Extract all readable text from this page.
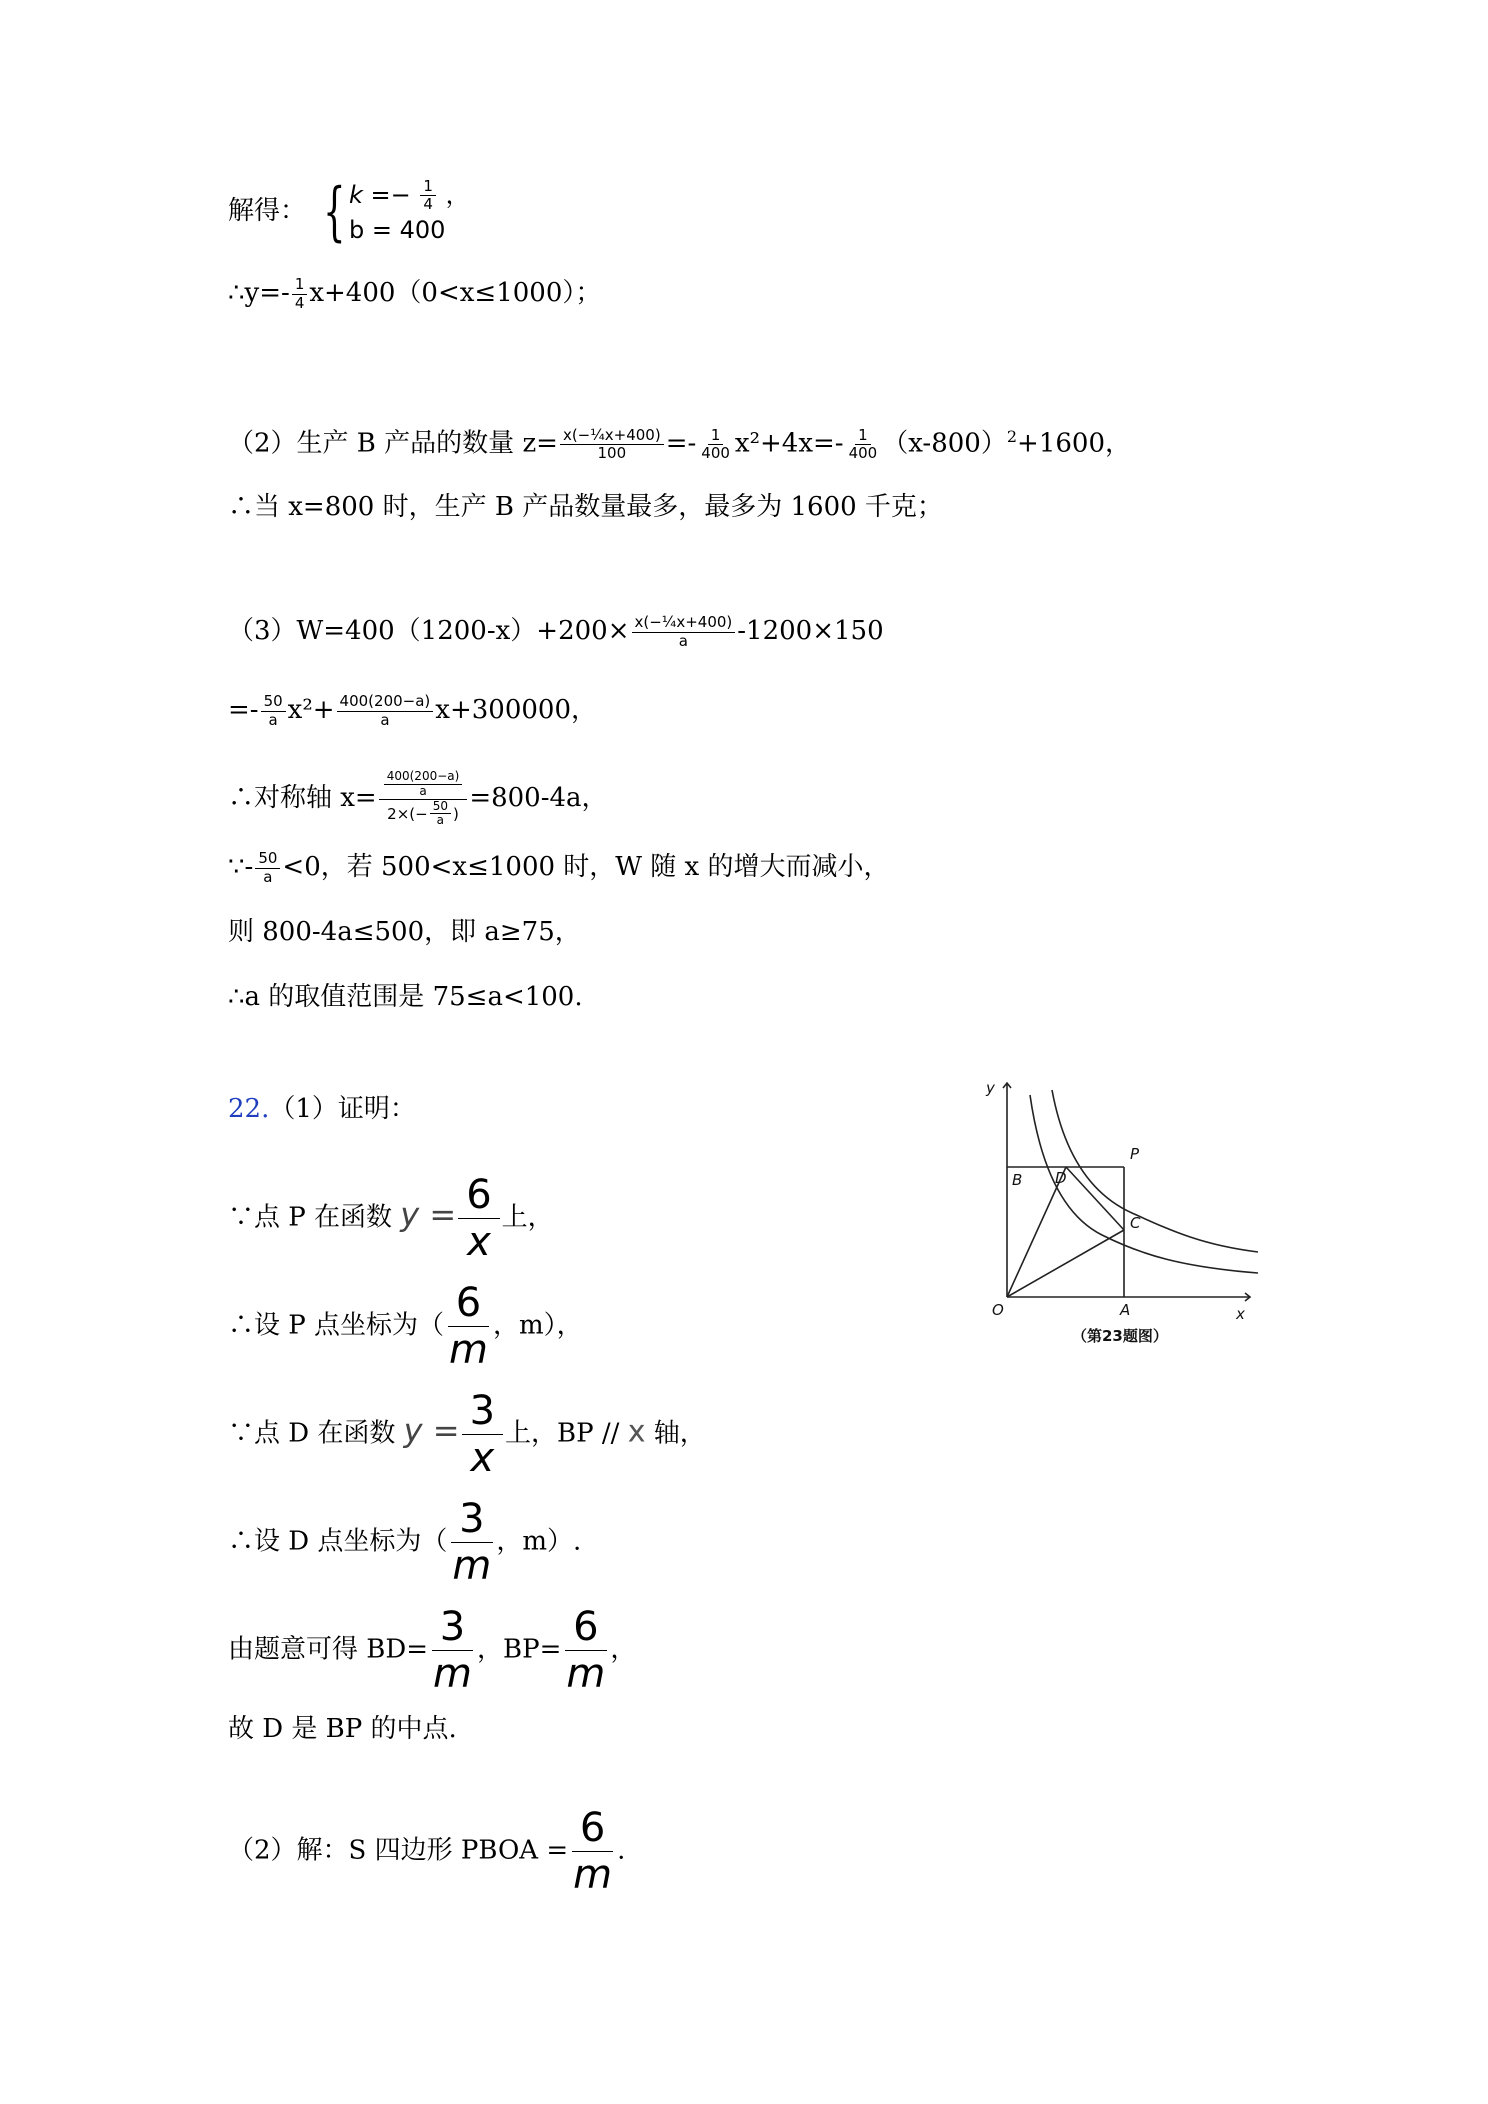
解得： { $k =- \frac{1}{4}$ ，
b = 400
∴y=- $\frac{1}{4} x+400(0<x\le 1000)$；
（2）生产 B 产品的数量 $z= \frac{\text{x(−¼x+400)}}{100} =- \frac{1}{400} x^2+4x=- \frac{1}{400} (x-800)^2+1600$，
∴当 x=800 时，生产 B 产品数量最多，最多为 1600 千克；
$(3)W=400(1200-x)+200\times \frac{\text{x(−¼x+400)}}{a} -1200\times 150$
=- $\frac{50}{a} x^2+ \frac{400(200-a)}{a} x+300000$，
∴对称轴 $x= \frac{\frac{400(200-a)}{a}}{2\times(- \frac{50}{a} )} =800-4a$，
∵- $\frac{50}{a} <0$，若 500<x≤1000 时，W 随 x 的增大而减小，
则 800-4a≤500，即 a≥75，
∴a 的取值范围是 75≤a<100.
22.（1）证明：
∵点 P 在函数 $y = \frac{6}{x}$ 上，
∴设 P 点坐标为（ $\frac{6}{m}$ ，m），
∵点 D 在函数 $y = \frac{3}{x}$ 上，BP // x 轴，
∴设 D 点坐标为（ $\frac{3}{m}$ ，m）.
由题意可得 $BD= \frac{3}{m}$ ，$BP= \frac{6}{m}$ ，
故 D 是 BP 的中点.
（2）解：S 四边形 PBOA = $\frac{6}{m}$ .
y
x
O	A
B D
P
C
（第23题图）
